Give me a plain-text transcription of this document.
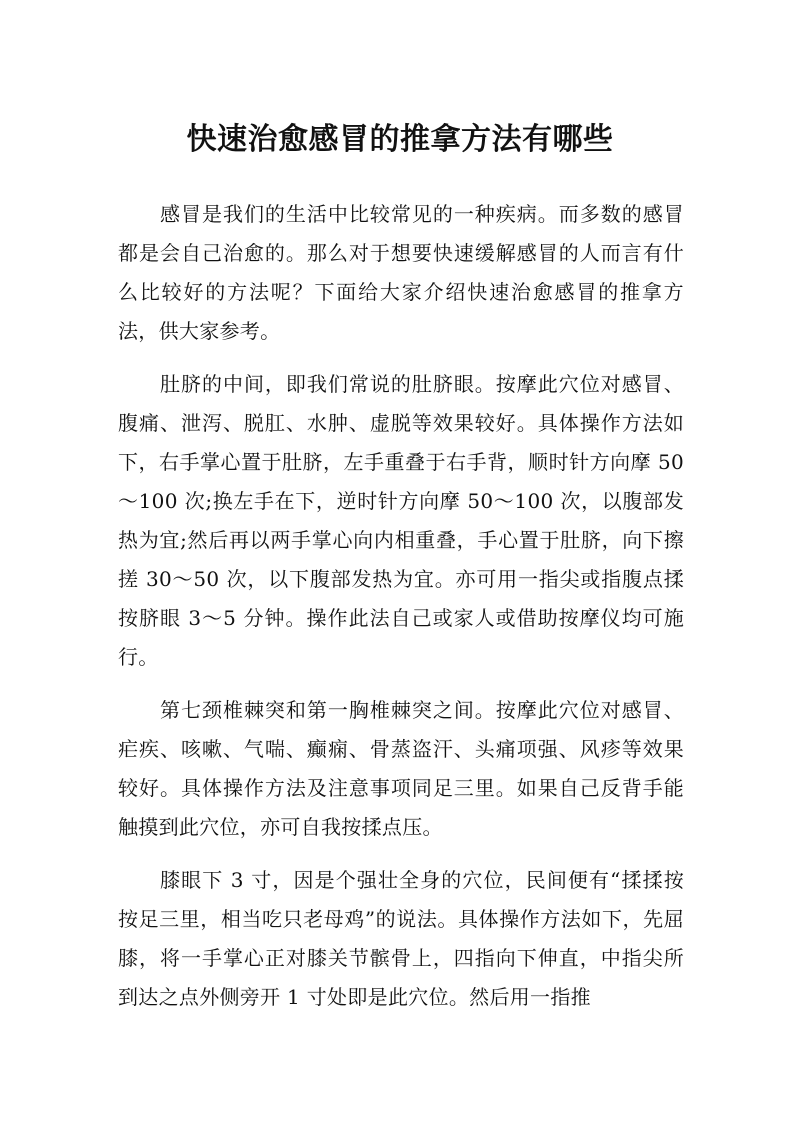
快速治愈感冒的推拿方法有哪些

感冒是我们的生活中比较常见的一种疾病。而多数的感冒都是会自己治愈的。那么对于想要快速缓解感冒的人而言有什么比较好的方法呢？下面给大家介绍快速治愈感冒的推拿方法，供大家参考。

肚脐的中间，即我们常说的肚脐眼。按摩此穴位对感冒、腹痛、泄泻、脱肛、水肿、虚脱等效果较好。具体操作方法如下，右手掌心置于肚脐，左手重叠于右手背，顺时针方向摩 50～100 次;换左手在下，逆时针方向摩 50～100 次，以腹部发热为宜;然后再以两手掌心向内相重叠，手心置于肚脐，向下擦搓 30～50 次，以下腹部发热为宜。亦可用一指尖或指腹点揉按脐眼 3～5 分钟。操作此法自己或家人或借助按摩仪均可施行。

第七颈椎棘突和第一胸椎棘突之间。按摩此穴位对感冒、疟疾、咳嗽、气喘、癫痫、骨蒸盗汗、头痛项强、风疹等效果较好。具体操作方法及注意事项同足三里。如果自己反背手能触摸到此穴位，亦可自我按揉点压。

膝眼下 3 寸，因是个强壮全身的穴位，民间便有“揉揉按按足三里，相当吃只老母鸡”的说法。具体操作方法如下，先屈膝，将一手掌心正对膝关节髌骨上，四指向下伸直，中指尖所到达之点外侧旁开 1 寸处即是此穴位。然后用一指推
